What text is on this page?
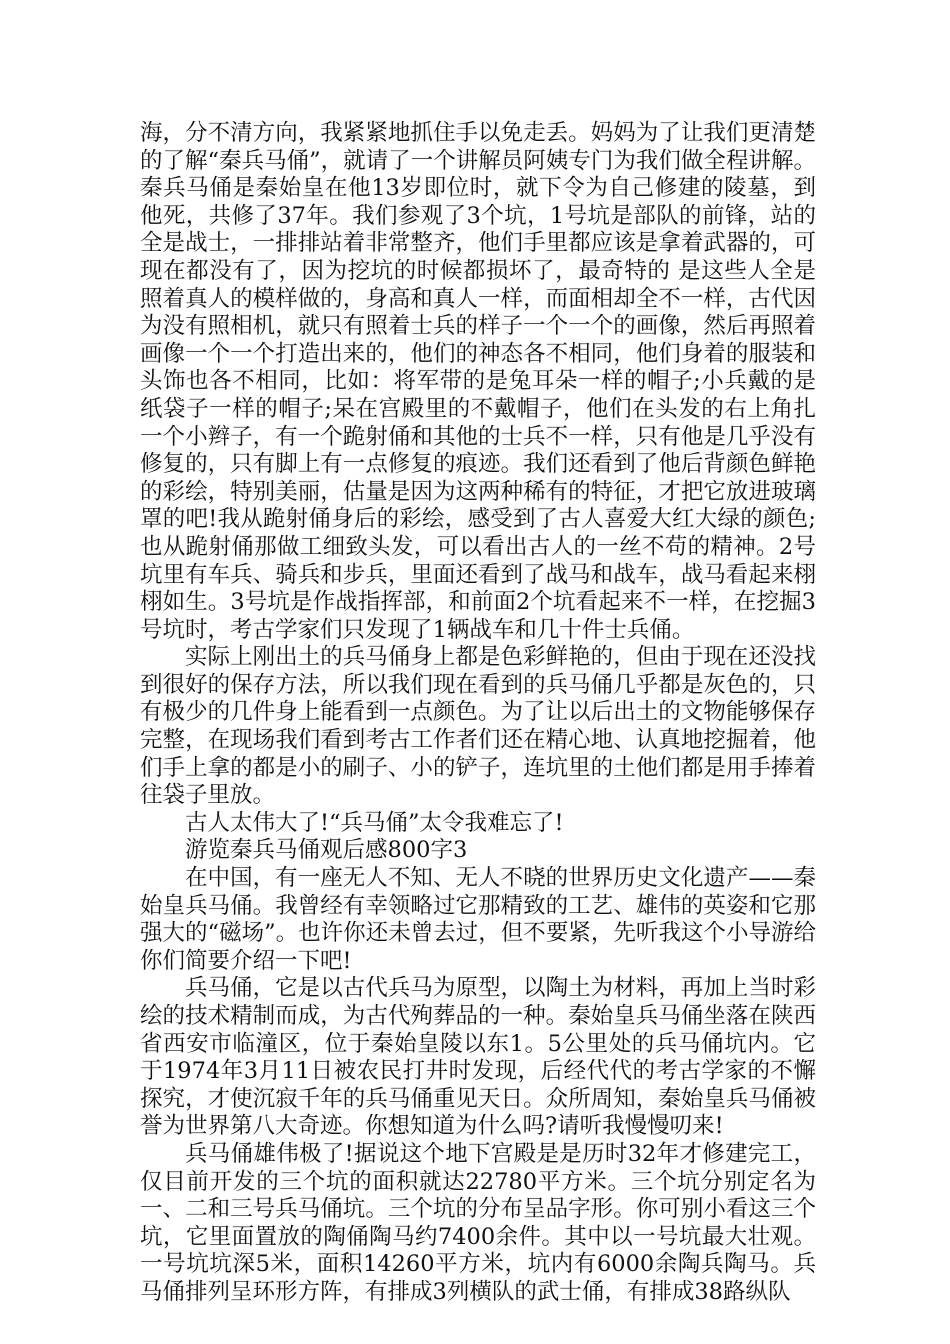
海，分不清方向，我紧紧地抓住手以免走丢。妈妈为了让我们更清楚的了解“秦兵马俑”，就请了一个讲解员阿姨专门为我们做全程讲解。秦兵马俑是秦始皇在他13岁即位时，就下令为自己修建的陵墓，到他死，共修了37年。我们参观了3个坑，1号坑是部队的前锋，站的全是战士，一排排站着非常整齐，他们手里都应该是拿着武器的，可现在都没有了，因为挖坑的时候都损坏了，最奇特的 是这些人全是照着真人的模样做的，身高和真人一样，而面相却全不一样，古代因为没有照相机，就只有照着士兵的样子一个一个的画像，然后再照着画像一个一个打造出来的，他们的神态各不相同，他们身着的服装和头饰也各不相同，比如：将军带的是兔耳朵一样的帽子;小兵戴的是纸袋子一样的帽子;呆在宫殿里的不戴帽子，他们在头发的右上角扎一个小辫子，有一个跪射俑和其他的士兵不一样，只有他是几乎没有修复的，只有脚上有一点修复的痕迹。我们还看到了他后背颜色鲜艳的彩绘，特别美丽，估量是因为这两种稀有的特征，才把它放进玻璃罩的吧!我从跪射俑身后的彩绘，感受到了古人喜爱大红大绿的颜色;也从跪射俑那做工细致头发，可以看出古人的一丝不苟的精神。2号坑里有车兵、骑兵和步兵，里面还看到了战马和战车，战马看起来栩栩如生。3号坑是作战指挥部，和前面2个坑看起来不一样，在挖掘3号坑时，考古学家们只发现了1辆战车和几十件士兵俑。

实际上刚出土的兵马俑身上都是色彩鲜艳的，但由于现在还没找到很好的保存方法，所以我们现在看到的兵马俑几乎都是灰色的，只有极少的几件身上能看到一点颜色。为了让以后出土的文物能够保存完整，在现场我们看到考古工作者们还在精心地、认真地挖掘着，他们手上拿的都是小的刷子、小的铲子，连坑里的土他们都是用手捧着往袋子里放。

古人太伟大了!“兵马俑”太令我难忘了!

游览秦兵马俑观后感800字3

在中国，有一座无人不知、无人不晓的世界历史文化遗产——秦始皇兵马俑。我曾经有幸领略过它那精致的工艺、雄伟的英姿和它那强大的“磁场”。也许你还未曾去过，但不要紧，先听我这个小导游给你们简要介绍一下吧!

兵马俑，它是以古代兵马为原型，以陶土为材料，再加上当时彩绘的技术精制而成，为古代殉葬品的一种。秦始皇兵马俑坐落在陕西省西安市临潼区，位于秦始皇陵以东1。5公里处的兵马俑坑内。它于1974年3月11日被农民打井时发现，后经代代的考古学家的不懈探究，才使沉寂千年的兵马俑重见天日。众所周知，秦始皇兵马俑被誉为世界第八大奇迹。你想知道为什么吗?请听我慢慢叨来!

兵马俑雄伟极了!据说这个地下宫殿是是历时32年才修建完工，仅目前开发的三个坑的面积就达22780平方米。三个坑分别定名为一、二和三号兵马俑坑。三个坑的分布呈品字形。你可别小看这三个坑，它里面置放的陶俑陶马约7400余件。其中以一号坑最大壮观。一号坑坑深5米，面积14260平方米，坑内有6000余陶兵陶马。兵马俑排列呈环形方阵，有排成3列横队的武士俑，有排成38路纵队
